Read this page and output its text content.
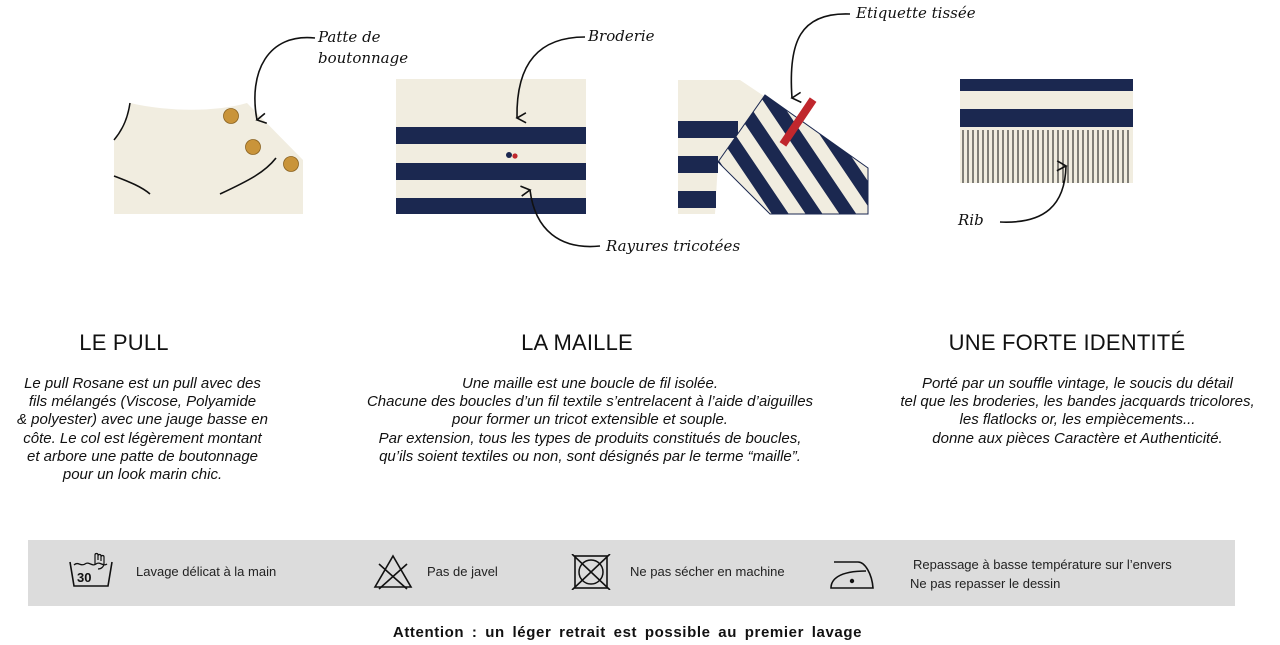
Patte de
boutonnage
Broderie
Etiquette tissée
Rayures tricotées
Rib
LE PULL
Le pull Rosane est un pull avec des
fils mélangés (Viscose, Polyamide
& polyester) avec une jauge basse en
côte. Le col est légèrement montant
et arbore une patte de boutonnage
pour un look marin chic.
LA MAILLE
Une maille est une boucle de fil isolée.
Chacune des boucles d’un fil textile s’entrelacent à l’aide d’aiguilles
pour former un tricot extensible et souple.
Par extension, tous les types de produits constitués de boucles,
qu’ils soient textiles ou non, sont désignés par le terme “maille”.
UNE FORTE IDENTITÉ
Porté par un souffle vintage, le soucis du détail
tel que les broderies, les bandes jacquards tricolores,
les flatlocks or, les empiècements...
donne aux pièces Caractère et Authenticité.
30	Lavage délicat à la main	Pas de javel	Ne pas sécher en machine	Repassage à basse température sur l’envers
Ne pas repasser le dessin
Attention : un léger retrait est possible au premier lavage
